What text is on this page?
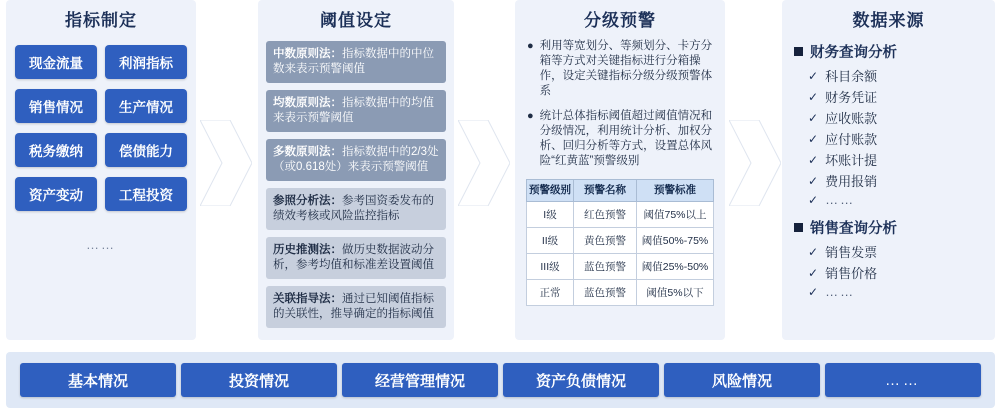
指标制定
现金流量	利润指标
销售情况	生产情况
税务缴纳	偿债能力
资产变动	工程投资
……
阈值设定
中数原则法：指标数据中的中位数来表示预警阈值
均数原则法：指标数据中的均值来表示预警阈值
多数原则法：指标数据中的2/3处（或0.618处）来表示预警阈值
参照分析法：参考国资委发布的绩效考核或风险监控指标
历史推测法：做历史数据波动分析，参考均值和标准差设置阈值
关联指导法：通过已知阈值指标的关联性，推导确定的指标阈值
分级预警
● 利用等宽划分、等频划分、卡方分箱等方式对关键指标进行分箱操作，设定关键指标分级分级预警体系
● 统计总体指标阈值超过阈值情况和分级情况，利用统计分析、加权分析、回归分析等方式，设置总体风险“红黄蓝”预警级别
预警级别	预警名称	预警标准
I级	红色预警	阈值75%以上
II级	黄色预警	阈值50%-75%
III级	蓝色预警	阈值25%-50%
正常	蓝色预警	阈值5%以下
数据来源
财务查询分析
✓ 科目余额
✓ 财务凭证
✓ 应收账款
✓ 应付账款
✓ 坏账计提
✓ 费用报销
✓ ……
销售查询分析
✓ 销售发票
✓ 销售价格
✓ ……
基本情况	投资情况	经营管理情况	资产负债情况	风险情况	……
